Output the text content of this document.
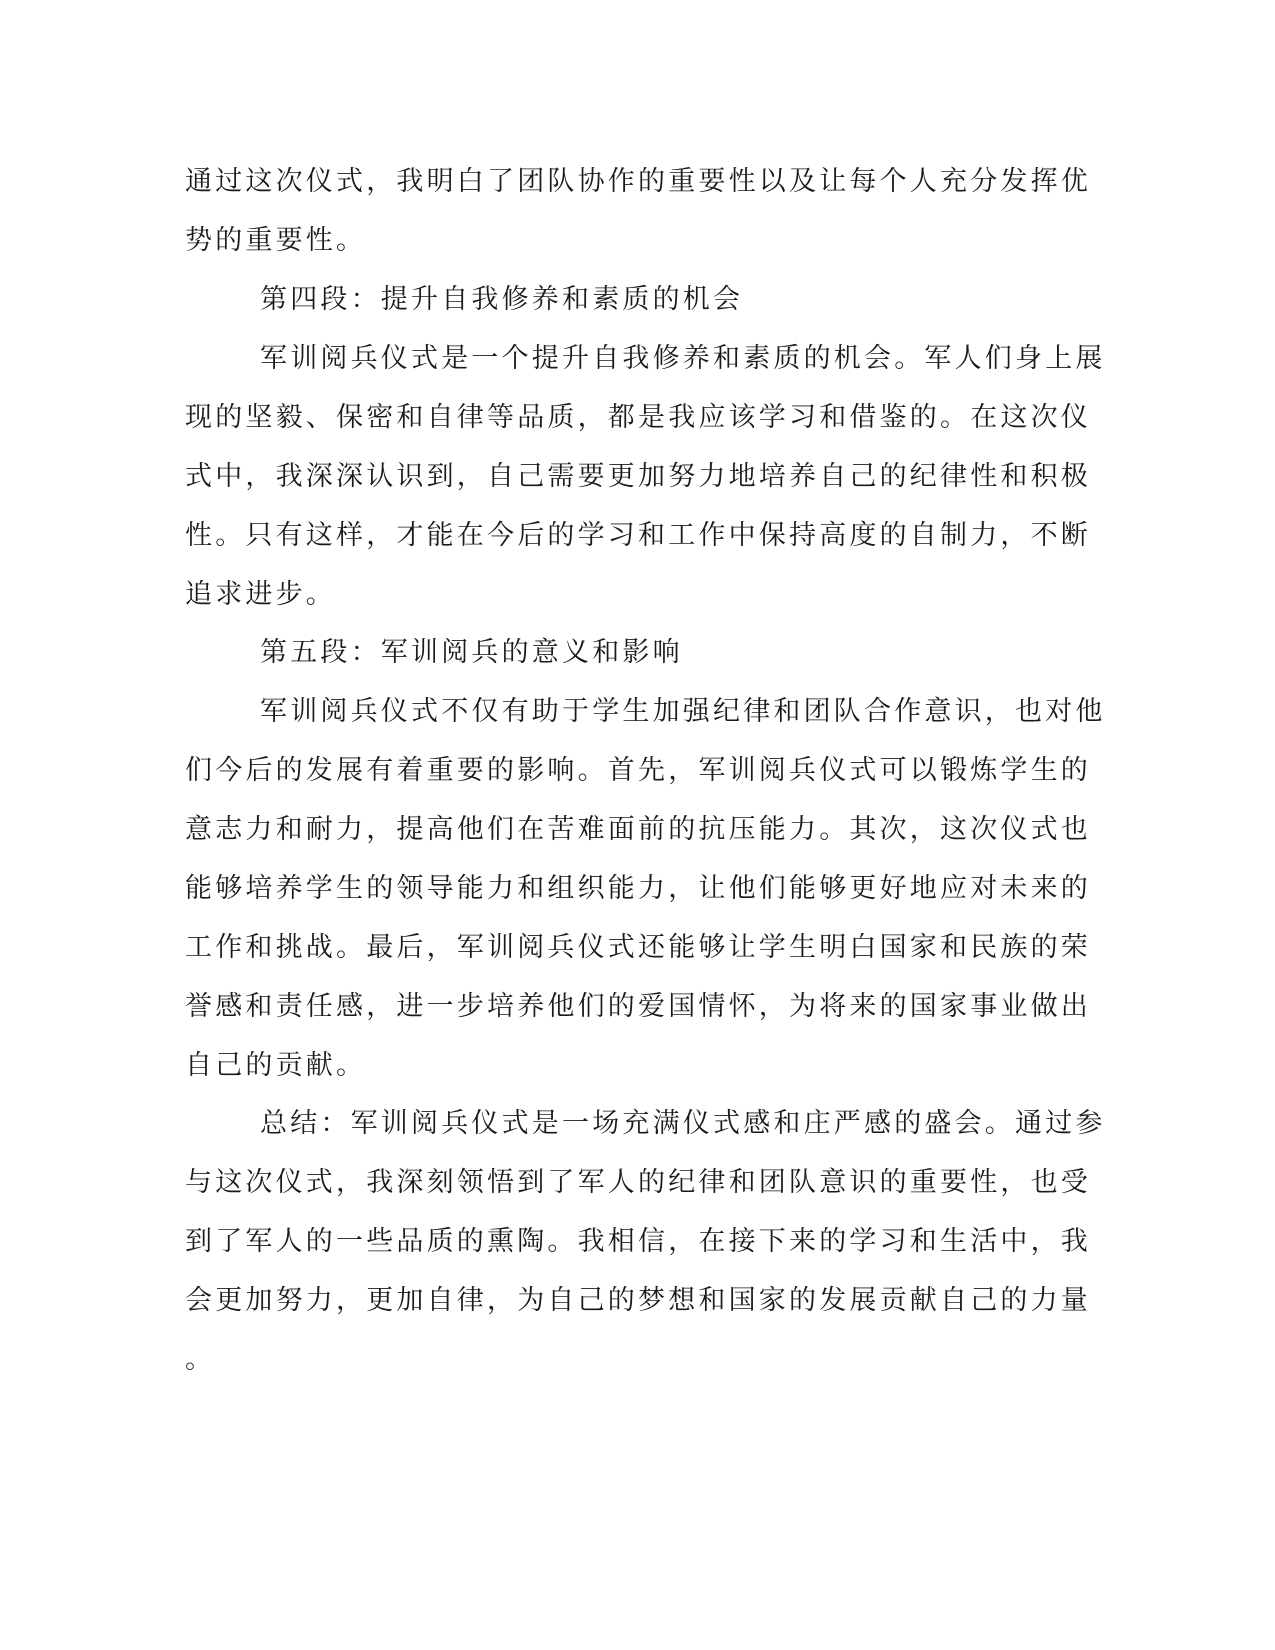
通过这次仪式，我明白了团队协作的重要性以及让每个人充分发挥优
势的重要性。
第四段：提升自我修养和素质的机会
军训阅兵仪式是一个提升自我修养和素质的机会。军人们身上展
现的坚毅、保密和自律等品质，都是我应该学习和借鉴的。在这次仪
式中，我深深认识到，自己需要更加努力地培养自己的纪律性和积极
性。只有这样，才能在今后的学习和工作中保持高度的自制力，不断
追求进步。
第五段：军训阅兵的意义和影响
军训阅兵仪式不仅有助于学生加强纪律和团队合作意识，也对他
们今后的发展有着重要的影响。首先，军训阅兵仪式可以锻炼学生的
意志力和耐力，提高他们在苦难面前的抗压能力。其次，这次仪式也
能够培养学生的领导能力和组织能力，让他们能够更好地应对未来的
工作和挑战。最后，军训阅兵仪式还能够让学生明白国家和民族的荣
誉感和责任感，进一步培养他们的爱国情怀，为将来的国家事业做出
自己的贡献。
总结：军训阅兵仪式是一场充满仪式感和庄严感的盛会。通过参
与这次仪式，我深刻领悟到了军人的纪律和团队意识的重要性，也受
到了军人的一些品质的熏陶。我相信，在接下来的学习和生活中，我
会更加努力，更加自律，为自己的梦想和国家的发展贡献自己的力量
。
